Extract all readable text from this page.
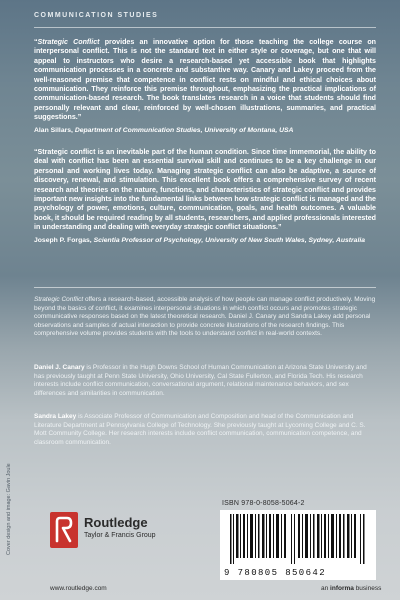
COMMUNICATION STUDIES

“Strategic Conflict provides an innovative option for those teaching the college course on interpersonal conflict. This is not the standard text in either style or coverage, but one that will appeal to instructors who desire a research-based yet accessible book that highlights communication processes in a concrete and substantive way. Canary and Lakey proceed from the well-reasoned premise that competence in conflict rests on mindful and ethical choices about communication. They reinforce this premise throughout, emphasizing the practical implications of communication-based research. The book translates research in a voice that students should find personally relevant and clear, reinforced by well-chosen illustrations, summaries, and practical suggestions.”

Alan Sillars, Department of Communication Studies, University of Montana, USA

“Strategic conflict is an inevitable part of the human condition. Since time immemorial, the ability to deal with conflict has been an essential survival skill and continues to be a key challenge in our personal and working lives today. Managing strategic conflict can also be adaptive, a source of discovery, renewal, and stimulation. This excellent book offers a comprehensive survey of recent research and theories on the nature, functions, and characteristics of strategic conflict and provides important new insights into the fundamental links between how strategic conflict is managed and the psychology of power, emotions, culture, communication, goals, and health outcomes. A valuable book, it should be required reading by all students, researchers, and applied professionals interested in understanding and dealing with everyday strategic conflict situations.”

Joseph P. Forgas, Scientia Professor of Psychology, University of New South Wales, Sydney, Australia

Strategic Conflict offers a research-based, accessible analysis of how people can manage conflict productively. Moving beyond the basics of conflict, it examines interpersonal situations in which conflict occurs and promotes strategic communicative responses based on the latest theoretical research. Daniel J. Canary and Sandra Lakey add personal observations and samples of actual interaction to provide concrete illustrations of the research findings. This comprehensive volume provides students with the tools to understand conflict in real-world contexts.

Daniel J. Canary is Professor in the Hugh Downs School of Human Communication at Arizona State University and has previously taught at Penn State University, Ohio University, Cal State Fullerton, and Florida Tech. His research interests include conflict communication, conversational argument, relational maintenance behaviors, and sex differences and similarities in communication.

Sandra Lakey is Associate Professor of Communication and Composition and head of the Communication and Literature Department at Pennsylvania College of Technology. She previously taught at Lycoming College and C. S. Mott Community College. Her research interests include conflict communication, communication competence, and classroom communication.

Cover design and image: Gavin Joule	Routledge
Taylor & Francis Group
ISBN 978-0-8058-5064-2
9 780805 850642
www.routledge.com	an informa business
